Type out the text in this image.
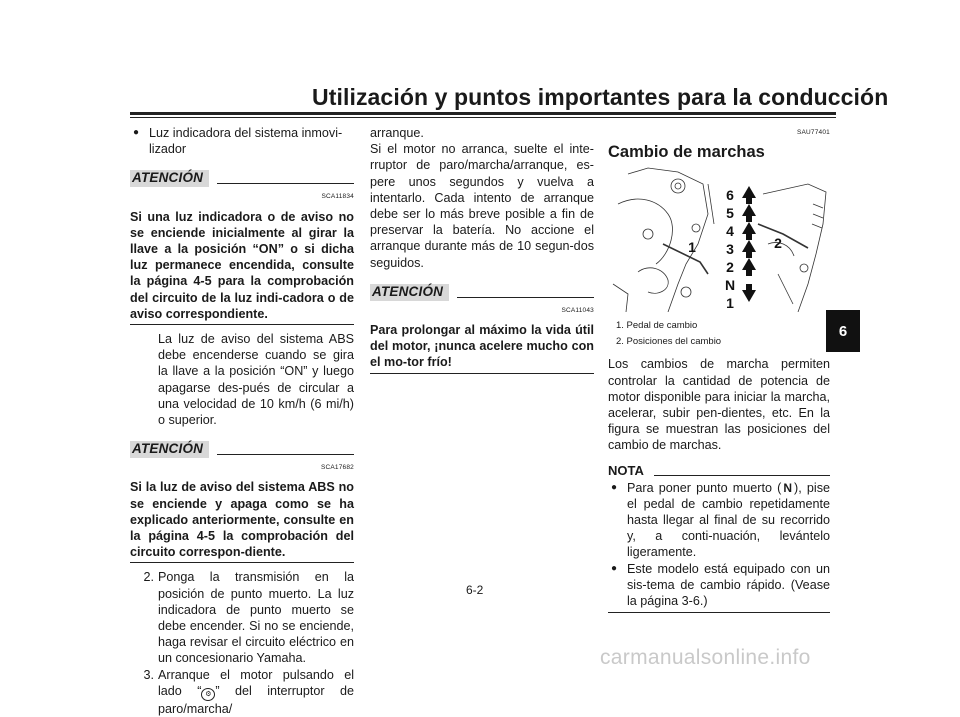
Utilización y puntos importantes para la conducción
6
● Luz indicadora del sistema inmovi-lizador
ATENCIÓN
SCA11834
Si una luz indicadora o de aviso no se enciende inicialmente al girar la llave a la posición “ON” o si dicha luz permanece encendida, consulte la página 4-5 para la comprobación del circuito de la luz indi-cadora o de aviso correspondiente.

La luz de aviso del sistema ABS debe encenderse cuando se gira la llave a la posición “ON” y luego apagarse des-pués de circular a una velocidad de 10 km/h (6 mi/h) o superior.

ATENCIÓN
SCA17682
Si la luz de aviso del sistema ABS no se enciende y apaga como se ha explicado anteriormente, consulte en la página 4-5 la comprobación del circuito correspon-diente.
2. Ponga la transmisión en la posición de punto muerto. La luz indicadora de punto muerto se debe encender. Si no se enciende, haga revisar el circuito eléctrico en un concesionario Yamaha.
3. Arranque el motor pulsando el lado “ ⚙ ” del interruptor de paro/marcha/

arranque.

Si el motor no arranca, suelte el inte-rruptor de paro/marcha/arranque, es-pere unos segundos y vuelva a intentarlo. Cada intento de arranque debe ser lo más breve posible a fin de preservar la batería. No accione el arranque durante más de 10 segun-dos seguidos.

ATENCIÓN
SCA11043
Para prolongar al máximo la vida útil del motor, ¡nunca acelere mucho con el mo-tor frío!
SAU77401
Cambio de marchas
6
5
4
3
2
N
1
1	2
1. Pedal de cambio
2. Posiciones del cambio

Los cambios de marcha permiten controlar la cantidad de potencia de motor disponible para iniciar la marcha, acelerar, subir pen-dientes, etc. En la figura se muestran las posiciones del cambio de marchas.

NOTA
● Para poner punto muerto ( N ), pise el pedal de cambio repetidamente hasta llegar al final de su recorrido y, a conti-nuación, levántelo ligeramente.
● Este modelo está equipado con un sis-tema de cambio rápido. (Vease la página 3-6.)
6-2
carmanualsonline.info
